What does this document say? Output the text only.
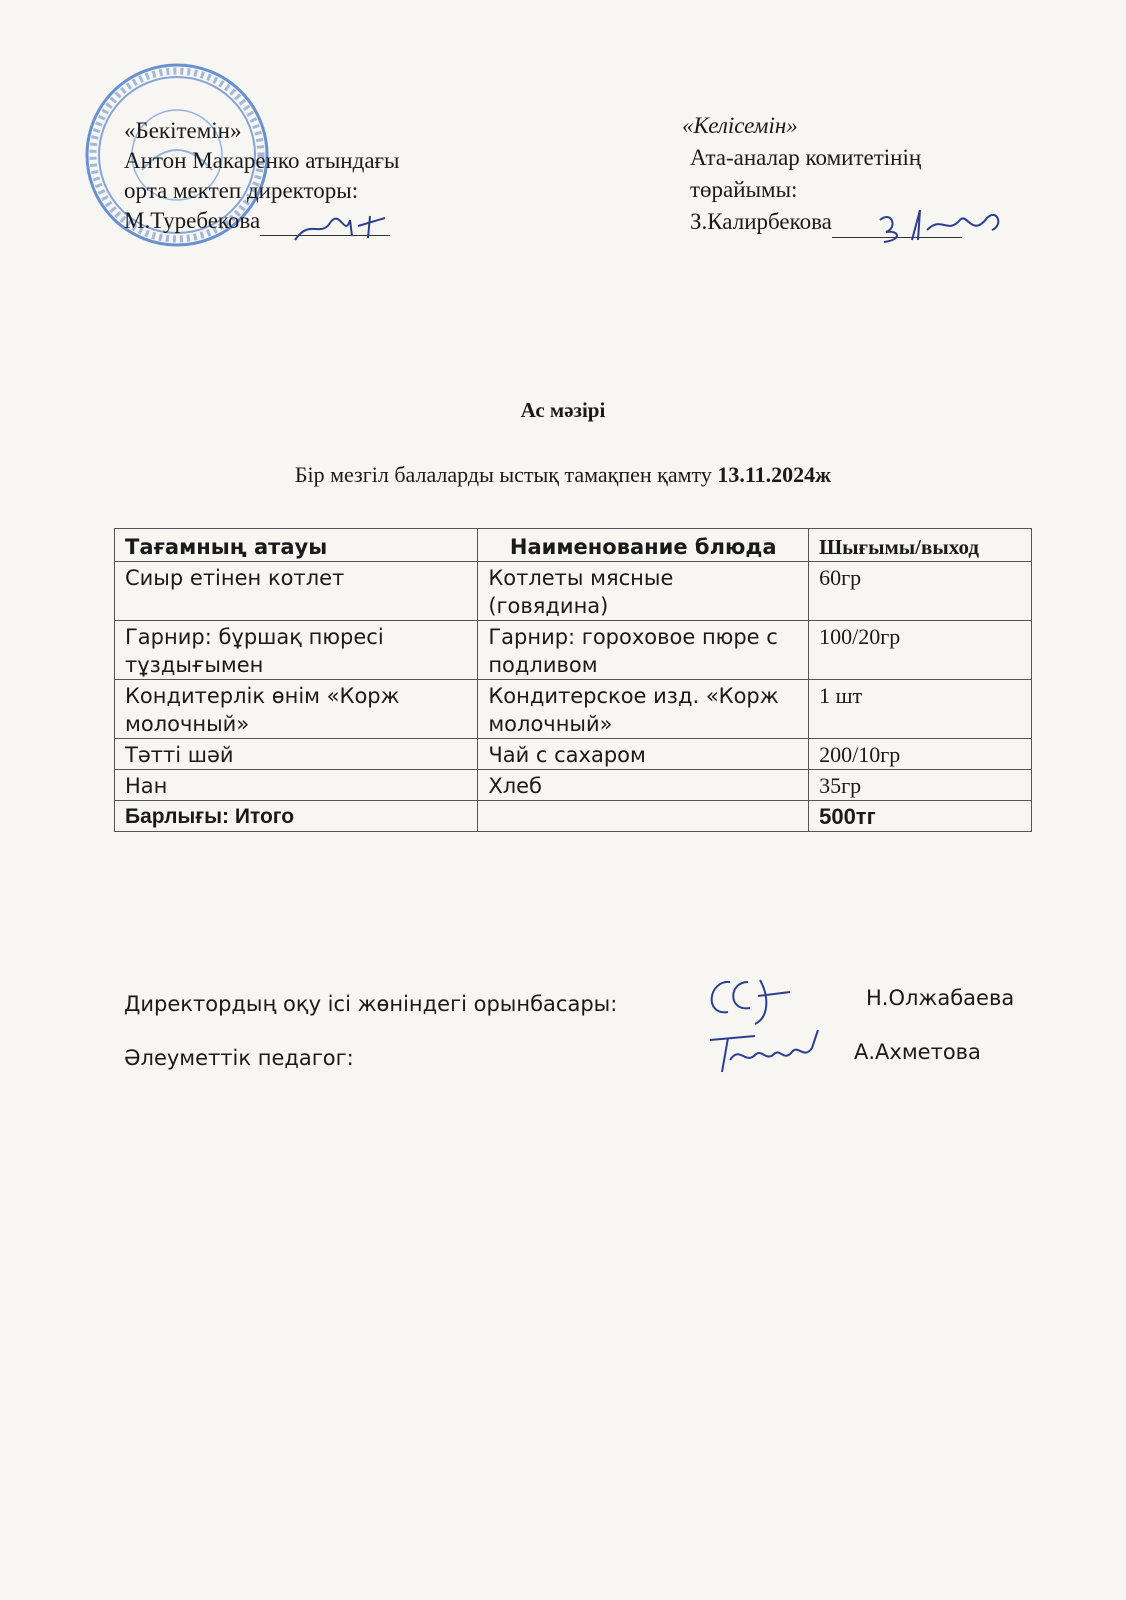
«Бекітемін»
Антон Макаренко атындағы
орта мектеп директоры:
М.Туребекова
«Келісемін»
Ата-аналар комитетінің
төрайымы:
З.Калирбекова
Ас мәзірі
Бір мезгіл балаларды ыстық тамақпен қамту 13.11.2024ж
Тағамның атауы	Наименование блюда	Шығымы/выход
Сиыр етінен котлет	Котлеты мясные (говядина)	60гр
Гарнир: бұршақ пюресі тұздығымен	Гарнир: гороховое пюре с подливом	100/20гр
Кондитерлік өнім «Корж молочный»	Кондитерское изд. «Корж молочный»	1 шт
Тәтті шәй	Чай с сахаром	200/10гр
Нан	Хлеб	35гр
Барлығы: Итого		500тг
Директордың оқу ісі жөніндегі орынбасары:	Н.Олжабаева
Әлеуметтік педагог:	А.Ахметова
